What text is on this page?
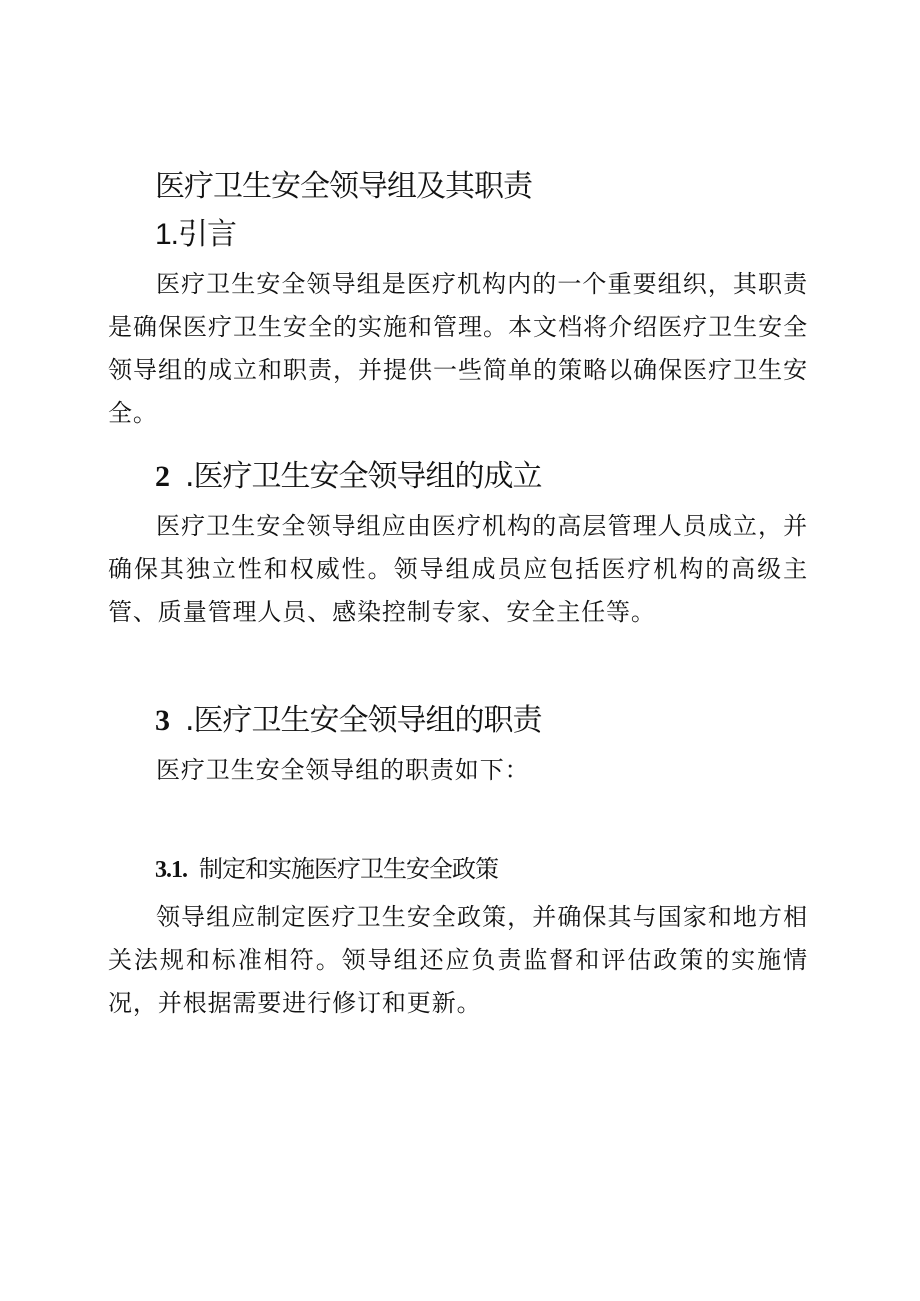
医疗卫生安全领导组及其职责
1.引言

医疗卫生安全领导组是医疗机构内的一个重要组织，其职责是确保医疗卫生安全的实施和管理。本文档将介绍医疗卫生安全领导组的成立和职责，并提供一些简单的策略以确保医疗卫生安全。

2 .医疗卫生安全领导组的成立

医疗卫生安全领导组应由医疗机构的高层管理人员成立，并确保其独立性和权威性。领导组成员应包括医疗机构的高级主管、质量管理人员、感染控制专家、安全主任等。

3 .医疗卫生安全领导组的职责

医疗卫生安全领导组的职责如下：

3.1. 制定和实施医疗卫生安全政策

领导组应制定医疗卫生安全政策，并确保其与国家和地方相关法规和标准相符。领导组还应负责监督和评估政策的实施情况，并根据需要进行修订和更新。
